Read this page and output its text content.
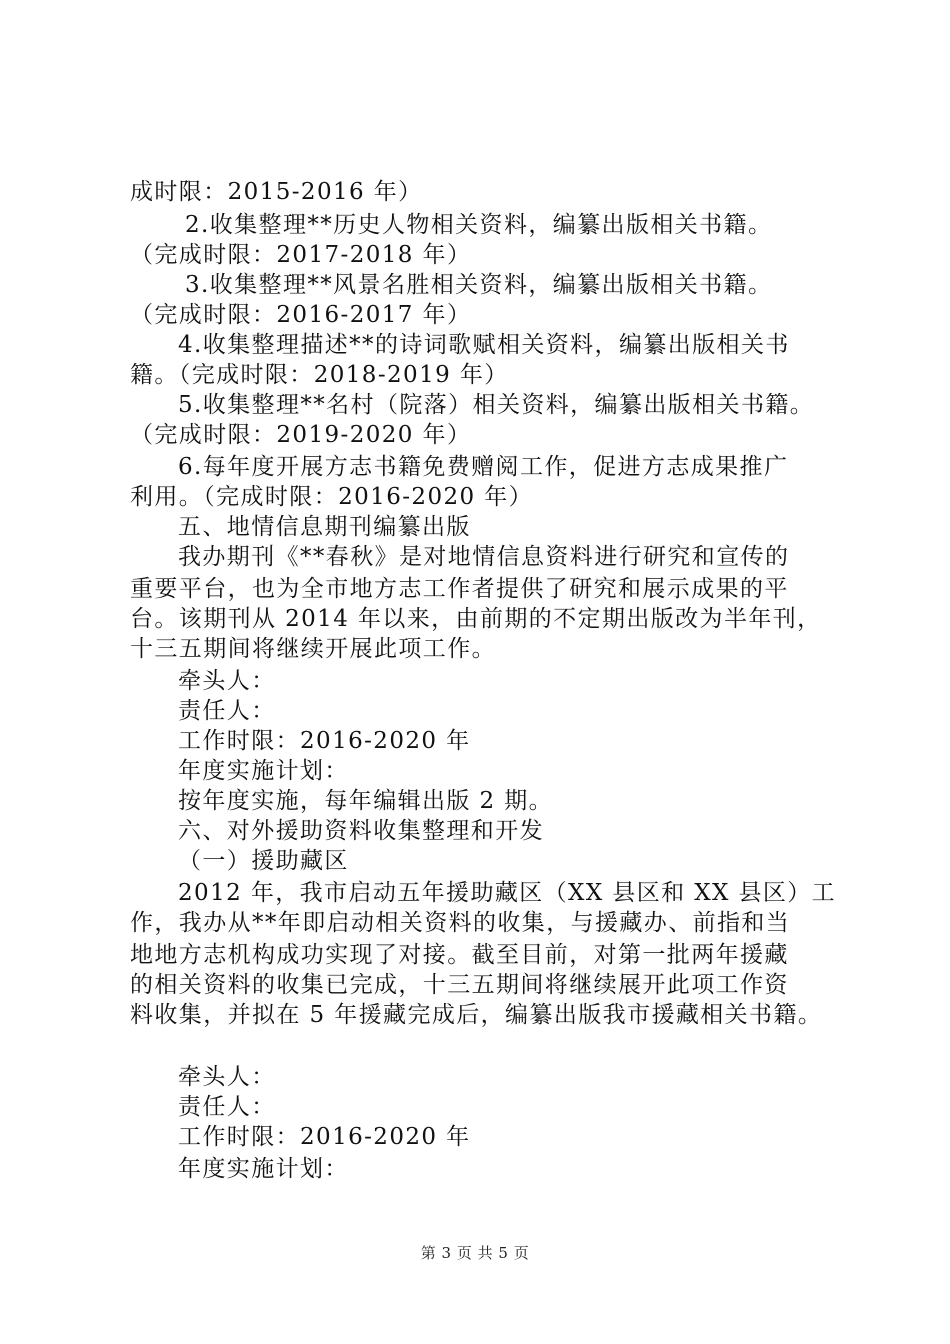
成时限：2015-2016 年）
2.收集整理**历史人物相关资料，编纂出版相关书籍。
（完成时限：2017-2018 年）
3.收集整理**风景名胜相关资料，编纂出版相关书籍。
（完成时限：2016-2017 年）
4.收集整理描述**的诗词歌赋相关资料，编纂出版相关书
籍。（完成时限：2018-2019 年）
5.收集整理**名村（院落）相关资料，编纂出版相关书籍。
（完成时限：2019-2020 年）
6.每年度开展方志书籍免费赠阅工作，促进方志成果推广
利用。（完成时限：2016-2020 年）
五、地情信息期刊编纂出版
我办期刊《**春秋》是对地情信息资料进行研究和宣传的
重要平台，也为全市地方志工作者提供了研究和展示成果的平
台。该期刊从 2014 年以来，由前期的不定期出版改为半年刊，
十三五期间将继续开展此项工作。
牵头人：
责任人：
工作时限：2016-2020 年
年度实施计划：
按年度实施，每年编辑出版 2 期。
六、对外援助资料收集整理和开发
（一）援助藏区
2012 年，我市启动五年援助藏区（XX 县区和 XX 县区）工
作，我办从**年即启动相关资料的收集，与援藏办、前指和当
地地方志机构成功实现了对接。截至目前，对第一批两年援藏
的相关资料的收集已完成，十三五期间将继续展开此项工作资
料收集，并拟在 5 年援藏完成后，编纂出版我市援藏相关书籍。
牵头人：
责任人：
工作时限：2016-2020 年
年度实施计划：
第 3 页 共 5 页
